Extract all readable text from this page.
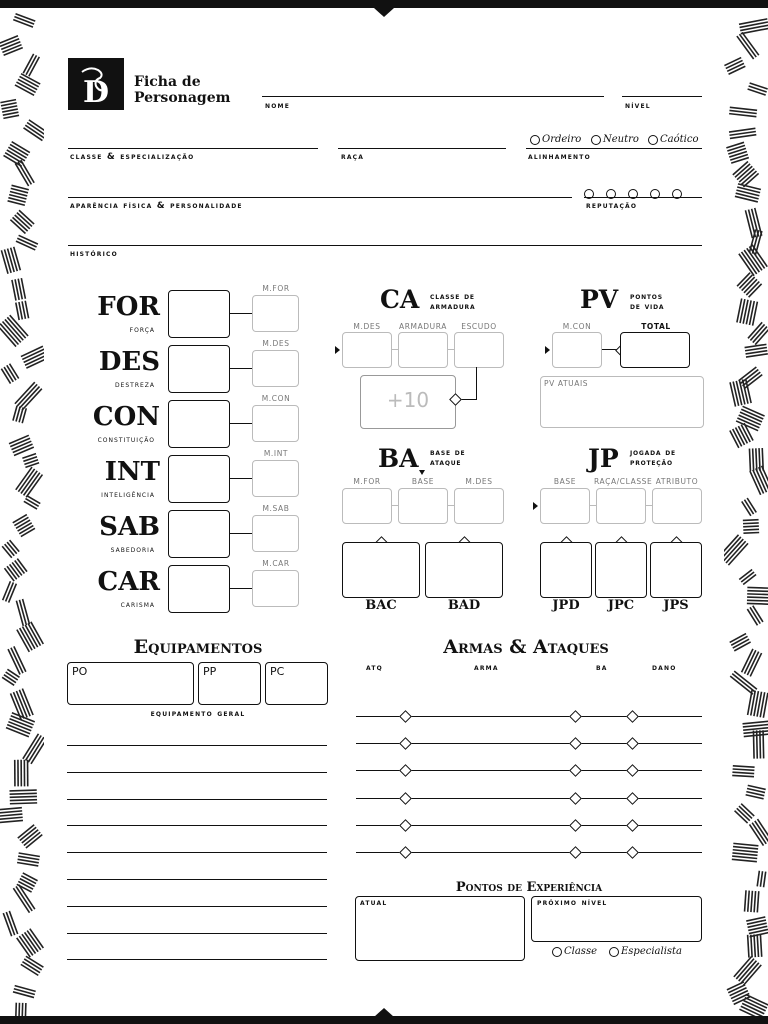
D Ficha de
Personagem	nome	nível
Ordeiro	Neutro	Caótico
classe & especialização	raça	alinhamento
aparência física & personalidade	reputação
histórico
FOR
força
M.FOR
DES
destreza
M.DES
CON
constituição
M.CON
INT
inteligência
M.INT
SAB
sabedoria
M.SAB
CAR
carisma
M.CAR
CA classe de
armadura
M.DES	ARMADURA	ESCUDO
+10
PV pontos
de vida
M.CON	TOTAL
PV ATUAIS
BA base de
ataque
M.FOR	BASE	M.DES
BAC	BAD
JP jogada de
proteção
BASE	RAÇA/CLASSE ATRIBUTO
JPD	JPC	JPS
Equipamentos
PO	PP	PC
equipamento geral
Armas & Ataques
atq	arma	ba	dano
Pontos de Experiência
atual	próximo nível
Classe	Especialista
